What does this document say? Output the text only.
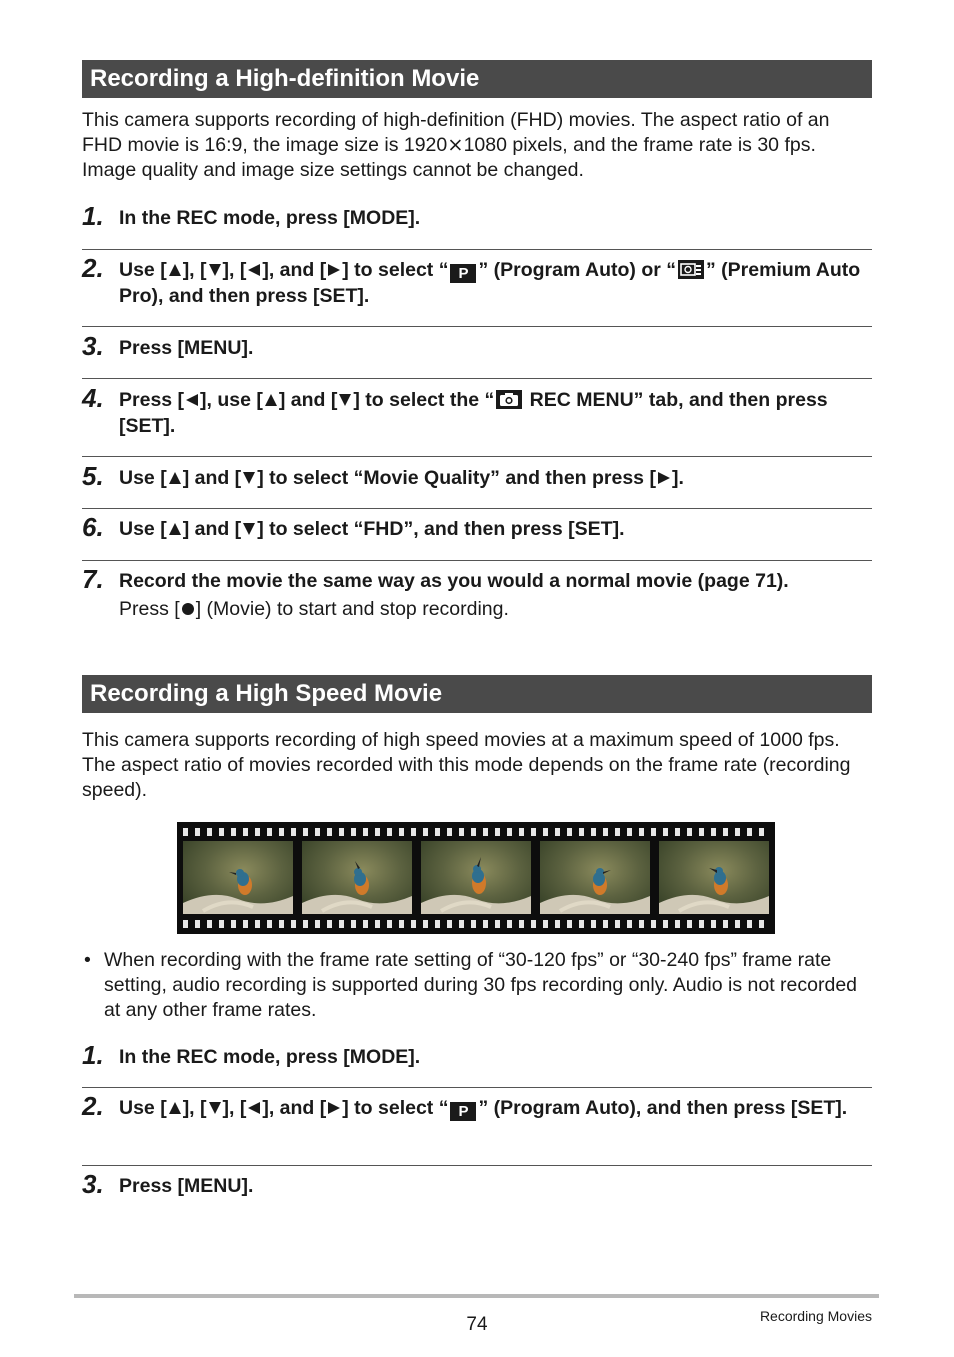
Recording a High-definition Movie
This camera supports recording of high-definition (FHD) movies. The aspect ratio of an FHD movie is 16:9, the image size is 1920⨯1080 pixels, and the frame rate is 30 fps. Image quality and image size settings cannot be changed.
1. In the REC mode, press [MODE].
2. Use [ ], [ ], [ ], and [ ] to select “ P ” (Program Auto) or “ ” (Premium Auto Pro), and then press [SET].
3. Press [MENU].
4. Press [ ], use [ ] and [ ] to select the “ REC MENU” tab, and then press [SET].
5. Use [ ] and [ ] to select “Movie Quality” and then press [ ].
6. Use [ ] and [ ] to select “FHD”, and then press [SET].
7. Record the movie the same way as you would a normal movie (page 71).
Press [ ] (Movie) to start and stop recording.
Recording a High Speed Movie
This camera supports recording of high speed movies at a maximum speed of 1000 fps. The aspect ratio of movies recorded with this mode depends on the frame rate (recording speed).
• When recording with the frame rate setting of “30-120 fps” or “30-240 fps” frame rate setting, audio recording is supported during 30 fps recording only. Audio is not recorded at any other frame rates.
1. In the REC mode, press [MODE].
2. Use [ ], [ ], [ ], and [ ] to select “ P ” (Program Auto), and then press [SET].
3. Press [MENU].
74	Recording Movies
